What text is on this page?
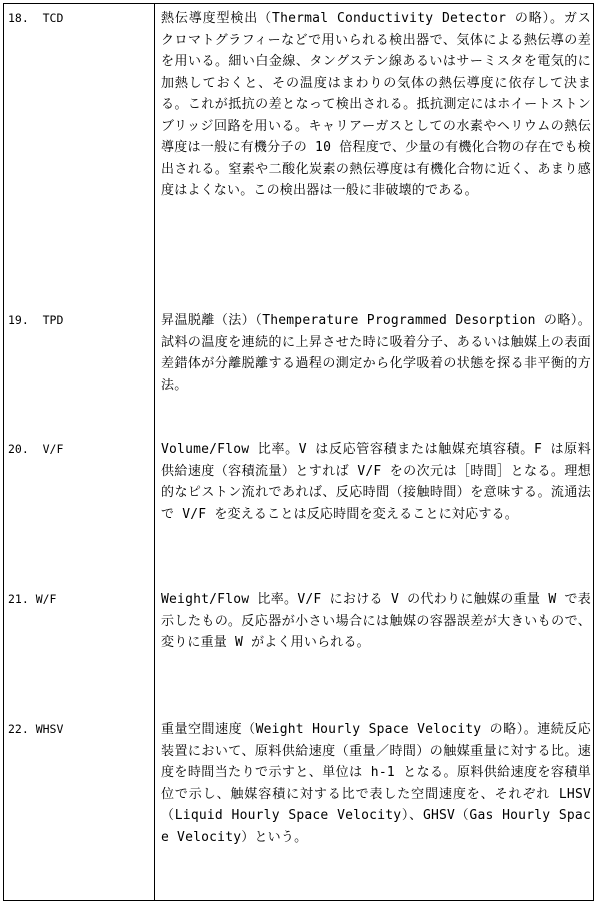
18.  TCD	熱伝導度型検出（Thermal Conductivity Detector の略）。ガスクロマトグラフィーなどで用いられる検出器で、気体による熱伝導の差を用いる。細い白金線、タングステン線あるいはサーミスタを電気的に加熱しておくと、その温度はまわりの気体の熱伝導度に依存して決まる。これが抵抗の差となって検出される。抵抗測定にはホイートストンブリッジ回路を用いる。キャリアーガスとしての水素やヘリウムの熱伝導度は一般に有機分子の 10 倍程度で、少量の有機化合物の存在でも検出される。窒素や二酸化炭素の熱伝導度は有機化合物に近く、あまり感度はよくない。この検出器は一般に非破壊的である。
19.  TPD	昇温脱離（法）（Themperature Programmed Desorption の略）。試料の温度を連続的に上昇させた時に吸着分子、あるいは触媒上の表面差錯体が分離脱離する過程の測定から化学吸着の状態を探る非平衡的方法。
20.  V/F	Volume/Flow 比率。V は反応管容積または触媒充填容積。F は原料供給速度（容積流量）とすれば V/F をの次元は［時間］となる。理想的なピストン流れであれば、反応時間（接触時間）を意味する。流通法で V/F を変えることは反応時間を変えることに対応する。
21. W/F	Weight/Flow 比率。V/F における V の代わりに触媒の重量 W で表示したもの。反応器が小さい場合には触媒の容器誤差が大きいもので、変りに重量 W がよく用いられる。
22. WHSV	重量空間速度（Weight Hourly Space Velocity の略）。連続反応装置において、原料供給速度（重量／時間）の触媒重量に対する比。速度を時間当たりで示すと、単位は h-1 となる。原料供給速度を容積単位で示し、触媒容積に対する比で表した空間速度を、それぞれ LHSV（Liquid Hourly Space Velocity）、GHSV（Gas Hourly Space Velocity）という。
